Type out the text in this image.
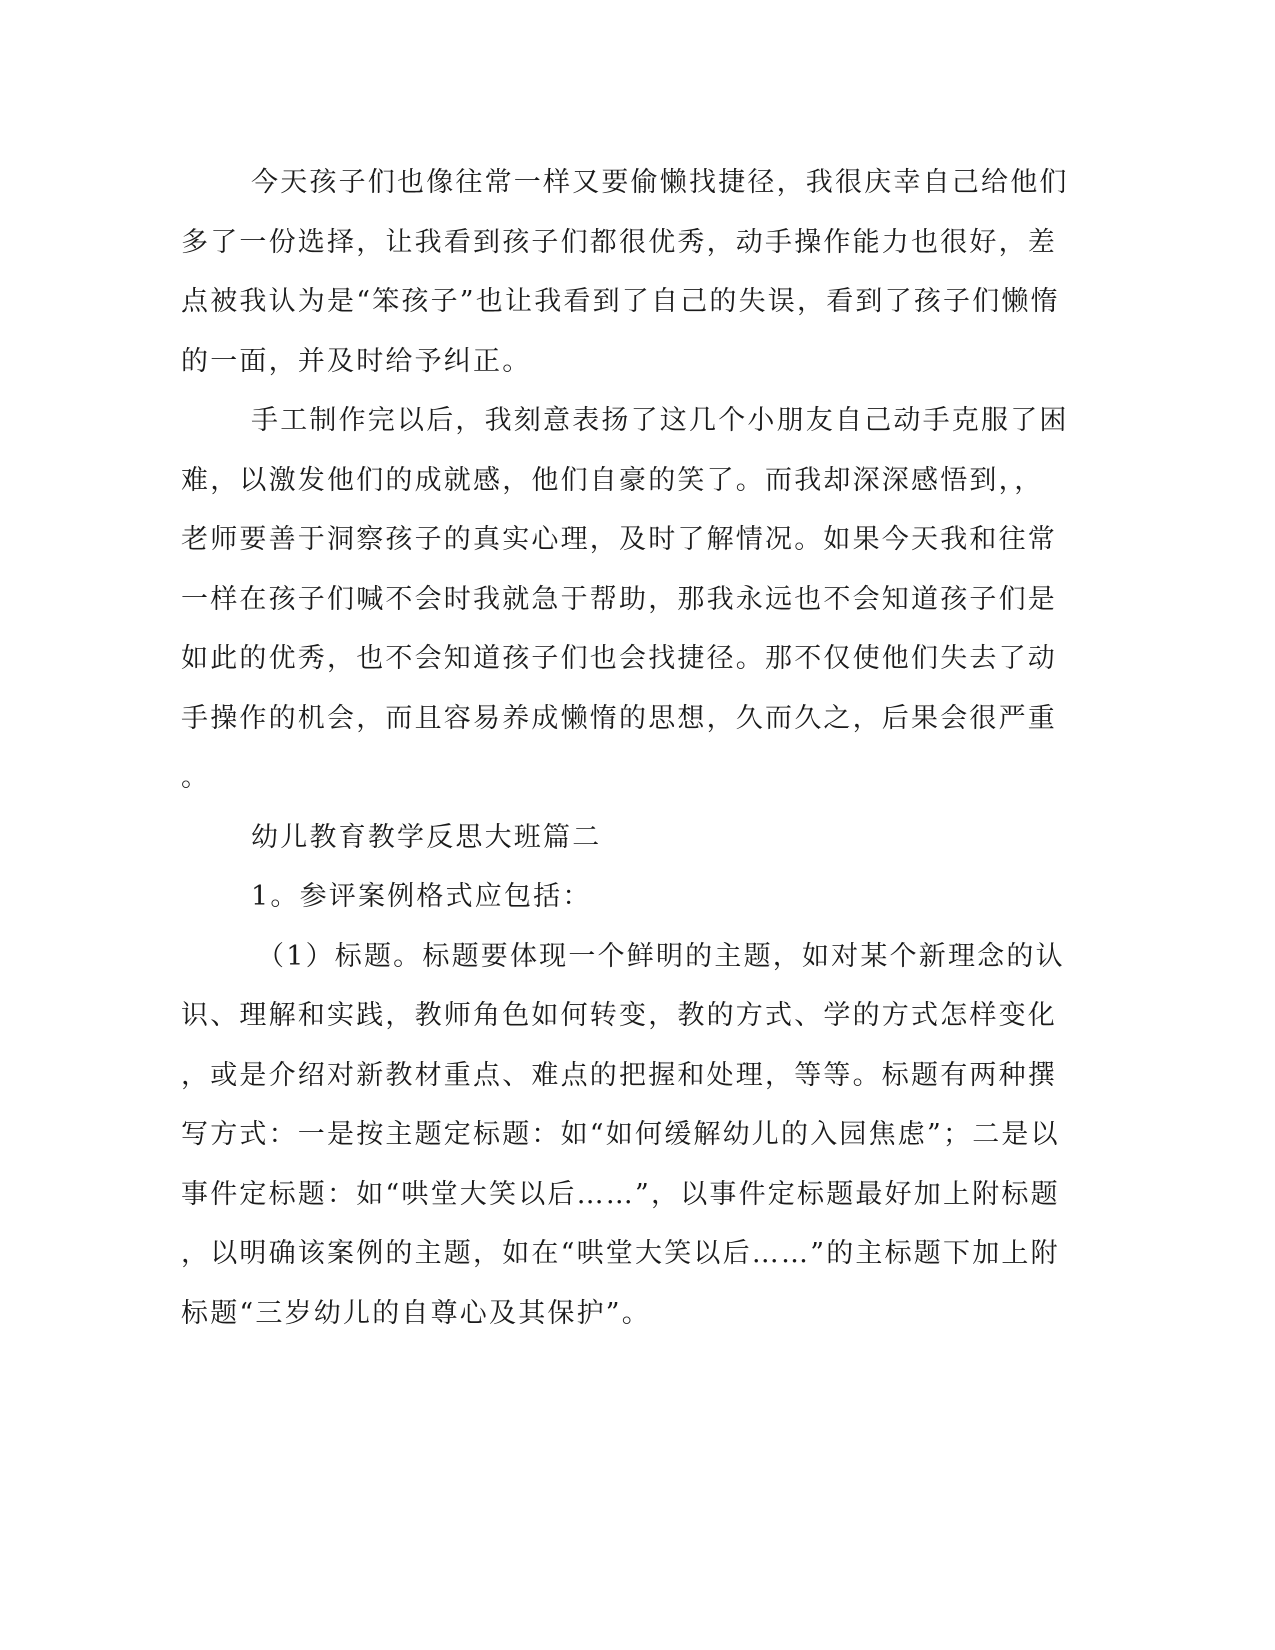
今天孩子们也像往常一样又要偷懒找捷径，我很庆幸自己给他们
多了一份选择，让我看到孩子们都很优秀，动手操作能力也很好，差
点被我认为是“笨孩子”也让我看到了自己的失误，看到了孩子们懒惰
的一面，并及时给予纠正。
手工制作完以后，我刻意表扬了这几个小朋友自己动手克服了困
难，以激发他们的成就感，他们自豪的笑了。而我却深深感悟到，，
老师要善于洞察孩子的真实心理，及时了解情况。如果今天我和往常
一样在孩子们喊不会时我就急于帮助，那我永远也不会知道孩子们是
如此的优秀，也不会知道孩子们也会找捷径。那不仅使他们失去了动
手操作的机会，而且容易养成懒惰的思想，久而久之，后果会很严重
。
幼儿教育教学反思大班篇二
1。参评案例格式应包括：
（1）标题。标题要体现一个鲜明的主题，如对某个新理念的认
识、理解和实践，教师角色如何转变，教的方式、学的方式怎样变化
，或是介绍对新教材重点、难点的把握和处理，等等。标题有两种撰
写方式：一是按主题定标题：如“如何缓解幼儿的入园焦虑”；二是以
事件定标题：如“哄堂大笑以后……”，以事件定标题最好加上附标题
，以明确该案例的主题，如在“哄堂大笑以后……”的主标题下加上附
标题“三岁幼儿的自尊心及其保护”。
